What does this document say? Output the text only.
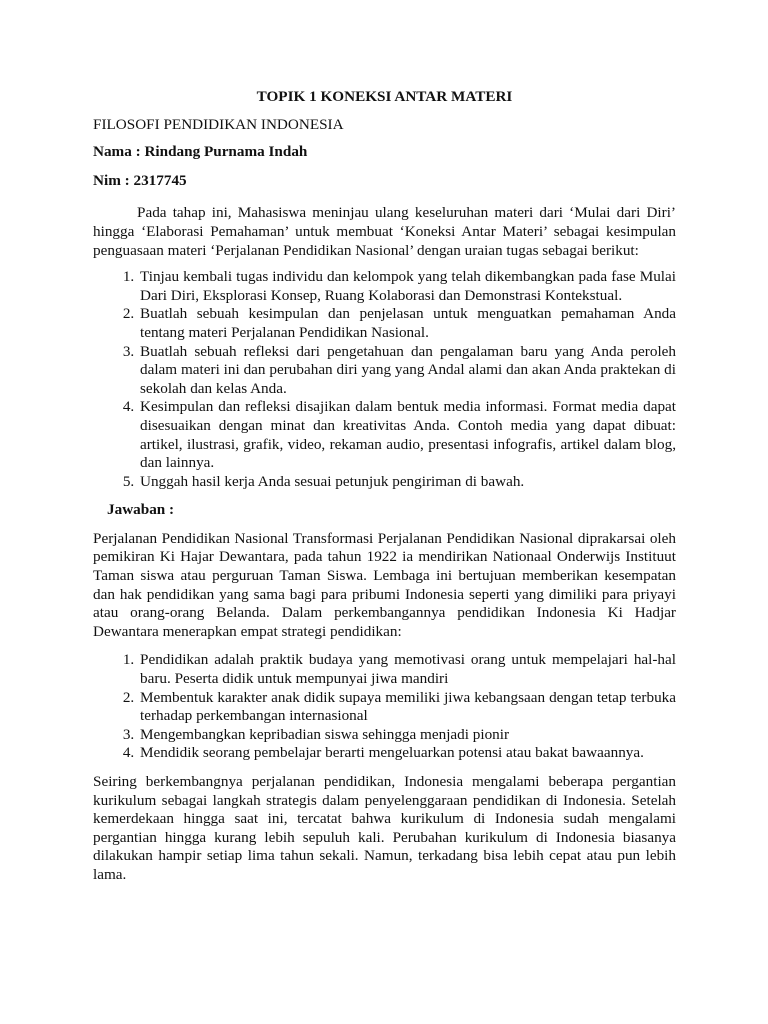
TOPIK 1 KONEKSI ANTAR MATERI
FILOSOFI PENDIDIKAN INDONESIA
Nama : Rindang Purnama Indah
Nim : 2317745

Pada tahap ini, Mahasiswa meninjau ulang keseluruhan materi dari ‘Mulai dari Diri’ hingga ‘Elaborasi Pemahaman’ untuk membuat ‘Koneksi Antar Materi’ sebagai kesimpulan penguasaan materi ‘Perjalanan Pendidikan Nasional’ dengan uraian tugas sebagai berikut:

1. Tinjau kembali tugas individu dan kelompok yang telah dikembangkan pada fase Mulai Dari Diri, Eksplorasi Konsep, Ruang Kolaborasi dan Demonstrasi Kontekstual.
2. Buatlah sebuah kesimpulan dan penjelasan untuk menguatkan pemahaman Anda tentang materi Perjalanan Pendidikan Nasional.
3. Buatlah sebuah refleksi dari pengetahuan dan pengalaman baru yang Anda peroleh dalam materi ini dan perubahan diri yang yang Andal alami dan akan Anda praktekan di sekolah dan kelas Anda.
4. Kesimpulan dan refleksi disajikan dalam bentuk media informasi. Format media dapat disesuaikan dengan minat dan kreativitas Anda. Contoh media yang dapat dibuat: artikel, ilustrasi, grafik, video, rekaman audio, presentasi infografis, artikel dalam blog, dan lainnya.
5. Unggah hasil kerja Anda sesuai petunjuk pengiriman di bawah.
Jawaban :

Perjalanan Pendidikan Nasional Transformasi Perjalanan Pendidikan Nasional diprakarsai oleh pemikiran Ki Hajar Dewantara, pada tahun 1922 ia mendirikan Nationaal Onderwijs Instituut Taman siswa atau perguruan Taman Siswa. Lembaga ini bertujuan memberikan kesempatan dan hak pendidikan yang sama bagi para pribumi Indonesia seperti yang dimiliki para priyayi atau orang-orang Belanda. Dalam perkembangannya pendidikan Indonesia Ki Hadjar Dewantara menerapkan empat strategi pendidikan:

1. Pendidikan adalah praktik budaya yang memotivasi orang untuk mempelajari hal-hal baru. Peserta didik untuk mempunyai jiwa mandiri
2. Membentuk karakter anak didik supaya memiliki jiwa kebangsaan dengan tetap terbuka terhadap perkembangan internasional
3. Mengembangkan kepribadian siswa sehingga menjadi pionir
4. Mendidik seorang pembelajar berarti mengeluarkan potensi atau bakat bawaannya.

Seiring berkembangnya perjalanan pendidikan, Indonesia mengalami beberapa pergantian kurikulum sebagai langkah strategis dalam penyelenggaraan pendidikan di Indonesia. Setelah kemerdekaan hingga saat ini, tercatat bahwa kurikulum di Indonesia sudah mengalami pergantian hingga kurang lebih sepuluh kali. Perubahan kurikulum di Indonesia biasanya dilakukan hampir setiap lima tahun sekali. Namun, terkadang bisa lebih cepat atau pun lebih lama.
